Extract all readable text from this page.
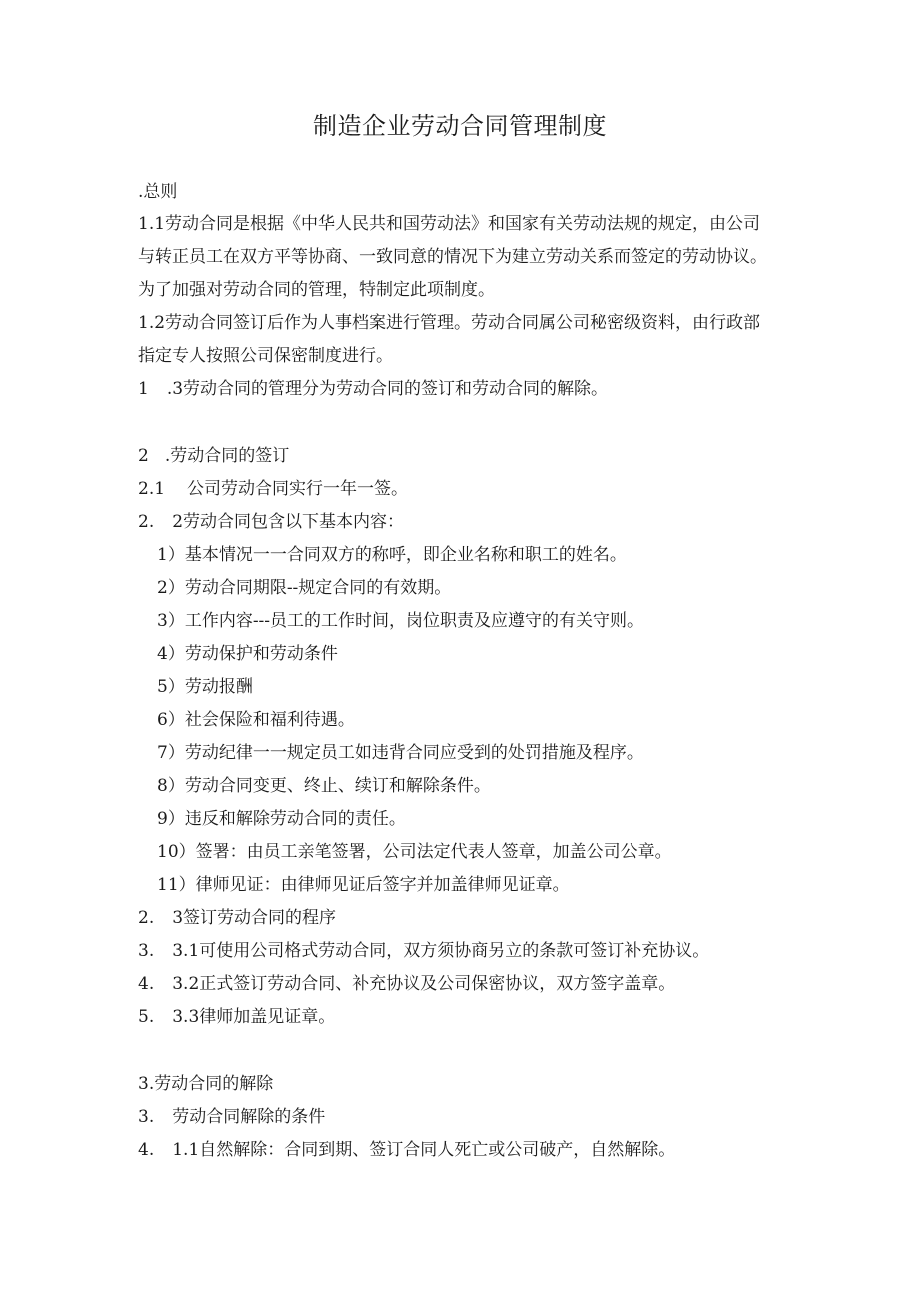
制造企业劳动合同管理制度
.总则
1.1劳动合同是根据《中华人民共和国劳动法》和国家有关劳动法规的规定，由公司
与转正员工在双方平等协商、一致同意的情况下为建立劳动关系而签定的劳动协议。
为了加强对劳动合同的管理，特制定此项制度。
1.2劳动合同签订后作为人事档案进行管理。劳动合同属公司秘密级资料，由行政部
指定专人按照公司保密制度进行。
1 .3劳动合同的管理分为劳动合同的签订和劳动合同的解除。
2 .劳动合同的签订
2.1 公司劳动合同实行一年一签。
2. 2劳动合同包含以下基本内容：
1）基本情况一一合同双方的称呼，即企业名称和职工的姓名。
2）劳动合同期限--规定合同的有效期。
3）工作内容---员工的工作时间，岗位职责及应遵守的有关守则。
4）劳动保护和劳动条件
5）劳动报酬
6）社会保险和福利待遇。
7）劳动纪律一一规定员工如违背合同应受到的处罚措施及程序。
8）劳动合同变更、终止、续订和解除条件。
9）违反和解除劳动合同的责任。
10）签署：由员工亲笔签署，公司法定代表人签章，加盖公司公章。
11）律师见证：由律师见证后签字并加盖律师见证章。
2. 3签订劳动合同的程序
3. 3.1可使用公司格式劳动合同，双方须协商另立的条款可签订补充协议。
4. 3.2正式签订劳动合同、补充协议及公司保密协议，双方签字盖章。
5. 3.3律师加盖见证章。
3.劳动合同的解除
3. 劳动合同解除的条件
4. 1.1自然解除：合同到期、签订合同人死亡或公司破产，自然解除。
